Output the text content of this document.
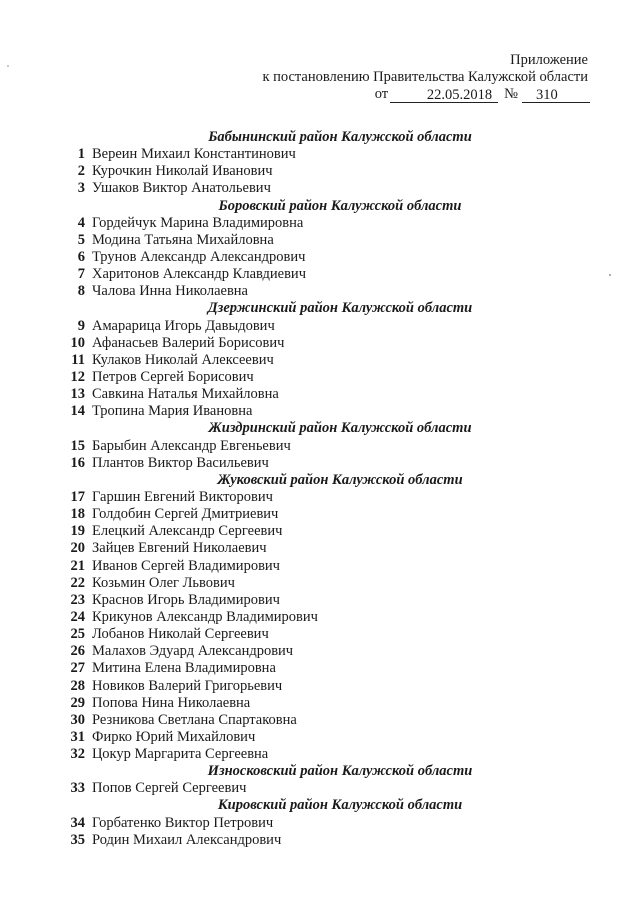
Приложение
к постановлению Правительства Калужской области
от	22.05.2018 №	310
Бабынинский район Калужской области
1 Вереин Михаил Константинович
2 Курочкин Николай Иванович
3 Ушаков Виктор Анатольевич
Боровский район Калужской области
4 Гордейчук Марина Владимировна
5 Модина Татьяна Михайловна
6 Трунов Александр Александрович
7 Харитонов Александр Клавдиевич
8 Чалова Инна Николаевна
Дзержинский район Калужской области
9 Амарарица Игорь Давыдович
10 Афанасьев Валерий Борисович
11 Кулаков Николай Алексеевич
12 Петров Сергей Борисович
13 Савкина Наталья Михайловна
14 Тропина Мария Ивановна
Жиздринский район Калужской области
15 Барыбин Александр Евгеньевич
16 Плантов Виктор Васильевич
Жуковский район Калужской области
17 Гаршин Евгений Викторович
18 Голдобин Сергей Дмитриевич
19 Елецкий Александр Сергеевич
20 Зайцев Евгений Николаевич
21 Иванов Сергей Владимирович
22 Козьмин Олег Львович
23 Краснов Игорь Владимирович
24 Крикунов Александр Владимирович
25 Лобанов Николай Сергеевич
26 Малахов Эдуард Александрович
27 Митина Елена Владимировна
28 Новиков Валерий Григорьевич
29 Попова Нина Николаевна
30 Резникова Светлана Спартаковна
31 Фирко Юрий Михайлович
32 Цокур Маргарита Сергеевна
Износковский район Калужской области
33 Попов Сергей Сергеевич
Кировский район Калужской области
34 Горбатенко Виктор Петрович
35 Родин Михаил Александрович
